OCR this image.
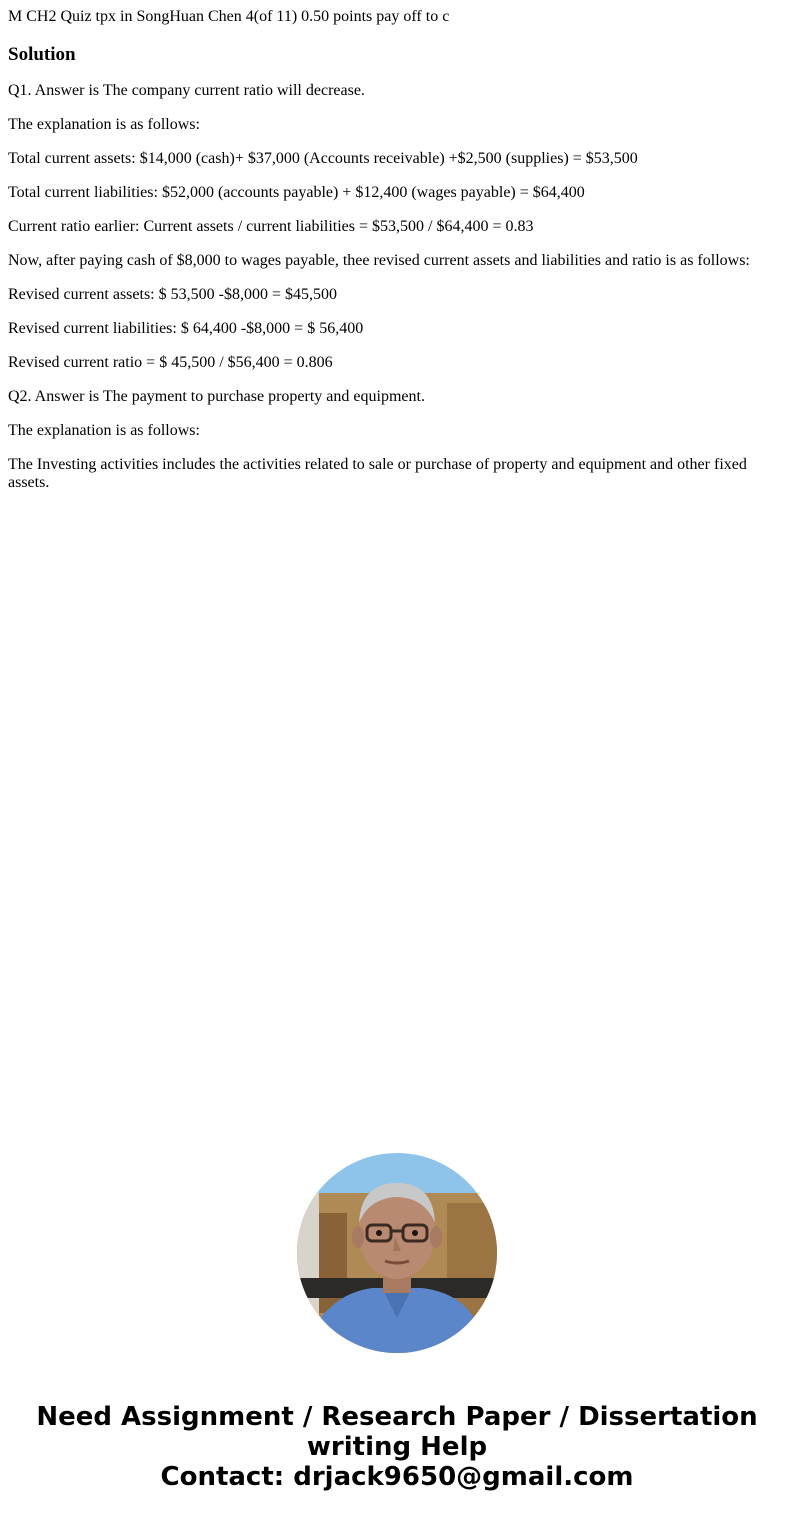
M CH2 Quiz tpx in SongHuan Chen 4(of 11) 0.50 points pay off to c

Solution

Q1. Answer is The company current ratio will decrease.

The explanation is as follows:

Total current assets: $14,000 (cash)+ $37,000 (Accounts receivable) +$2,500 (supplies) = $53,500

Total current liabilities: $52,000 (accounts payable) + $12,400 (wages payable) = $64,400

Current ratio earlier: Current assets / current liabilities = $53,500 / $64,400 = 0.83

Now, after paying cash of $8,000 to wages payable, thee revised current assets and liabilities and ratio is as follows:

Revised current assets: $ 53,500 -$8,000 = $45,500

Revised current liabilities: $ 64,400 -$8,000 = $ 56,400

Revised current ratio = $ 45,500 / $56,400 = 0.806

Q2. Answer is The payment to purchase property and equipment.

The explanation is as follows:

The Investing activities includes the activities related to sale or purchase of property and equipment and other fixed assets.

Need Assignment / Research Paper / Dissertation
writing Help
Contact: drjack9650@gmail.com
